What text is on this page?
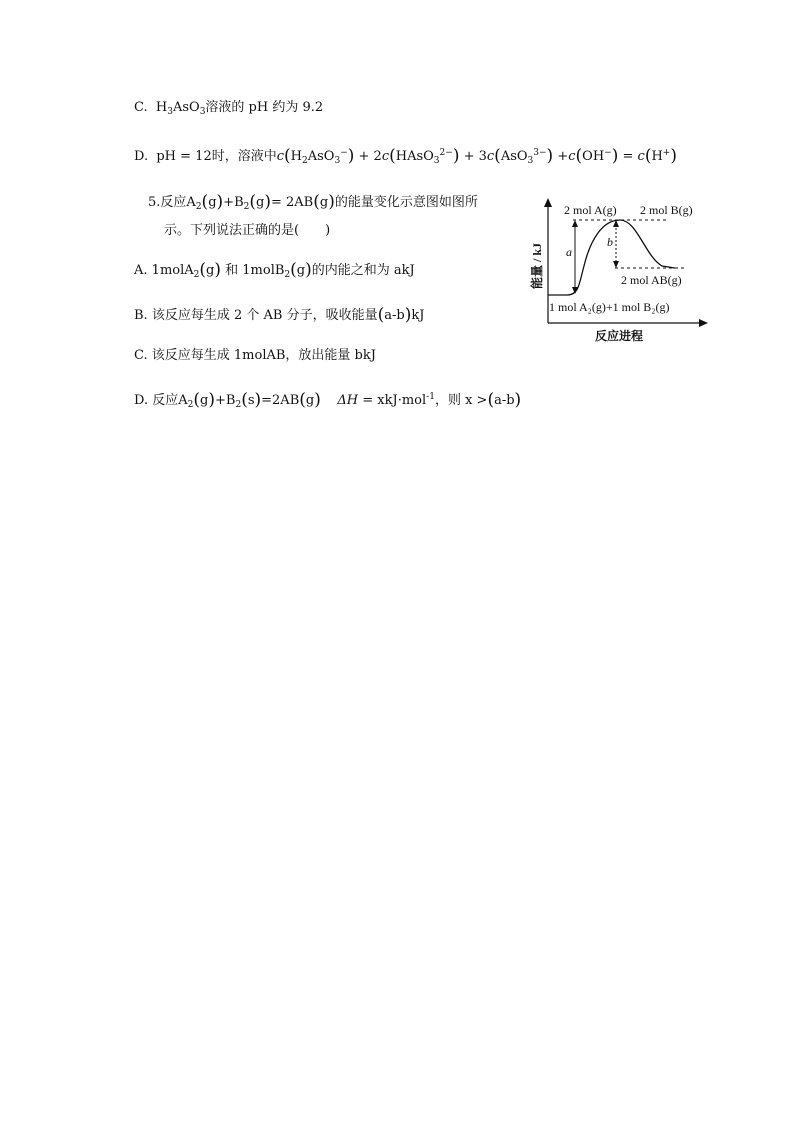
C. $H_3AsO_3$溶液的 pH 约为 9.2
D. pH = 12时，溶液中$c(H_2AsO_3^-)$ + 2c(HAsO$_3^{2-}$) + 3c(AsO$_3^{3-}$) +c(OH−) = c(H+)
5.反应$A_2(g)+B_2(g)= 2AB(g)$的能量变化示意图如图所
示。下列说法正确的是(　　)
A. 1molA$_2$(g) 和 1molB$_2$(g)的内能之和为 akJ
B. 该反应每生成 2 个 AB 分子，吸收能量(a-b)kJ
C. 该反应每生成 1molAB，放出能量 bkJ
D. 反应$A_2(g)+B_2(s)=2AB(g) \Delta H = xkJ\cdot mol^{-1}$，则 x >(a-b)
能量 / kJ a
b
2 mol A(g) 2 mol B(g)
2 mol AB(g)
1 mol A₂(g)+1 mol B₂(g)
反应进程
